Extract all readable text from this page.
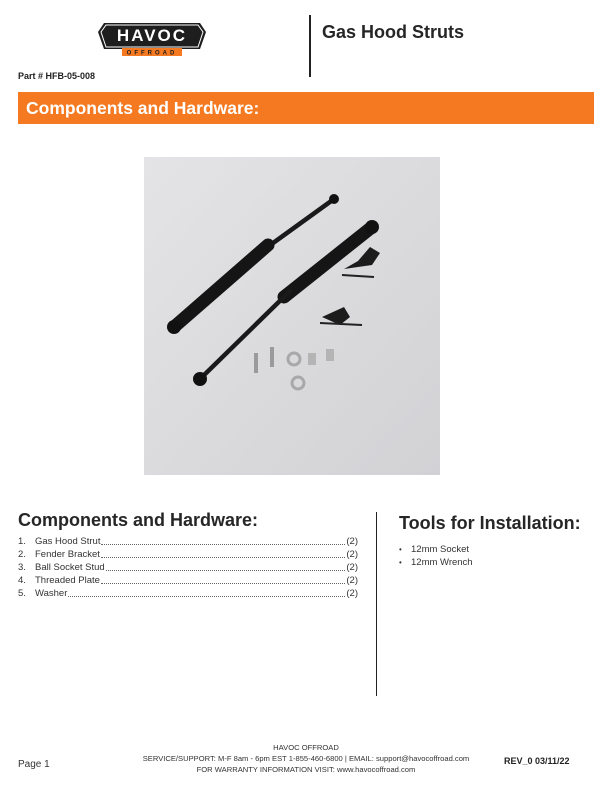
HAVOC
OFFROAD
Part # HFB-05-008
Gas Hood Struts
Components and Hardware:
Components and Hardware:
1. Gas Hood Strut	(2)
2. Fender Bracket	(2)
3. Ball Socket Stud	(2)
4. Threaded Plate	(2)
5. Washer	(2)
Tools for Installation:
• 12mm Socket
• 12mm Wrench
Page 1
HAVOC OFFROAD
SERVICE/SUPPORT: M-F 8am - 6pm EST 1-855-460-6800 | EMAIL: support@havocoffroad.com
FOR WARRANTY INFORMATION VISIT: www.havocoffroad.com
REV_0 03/11/22
